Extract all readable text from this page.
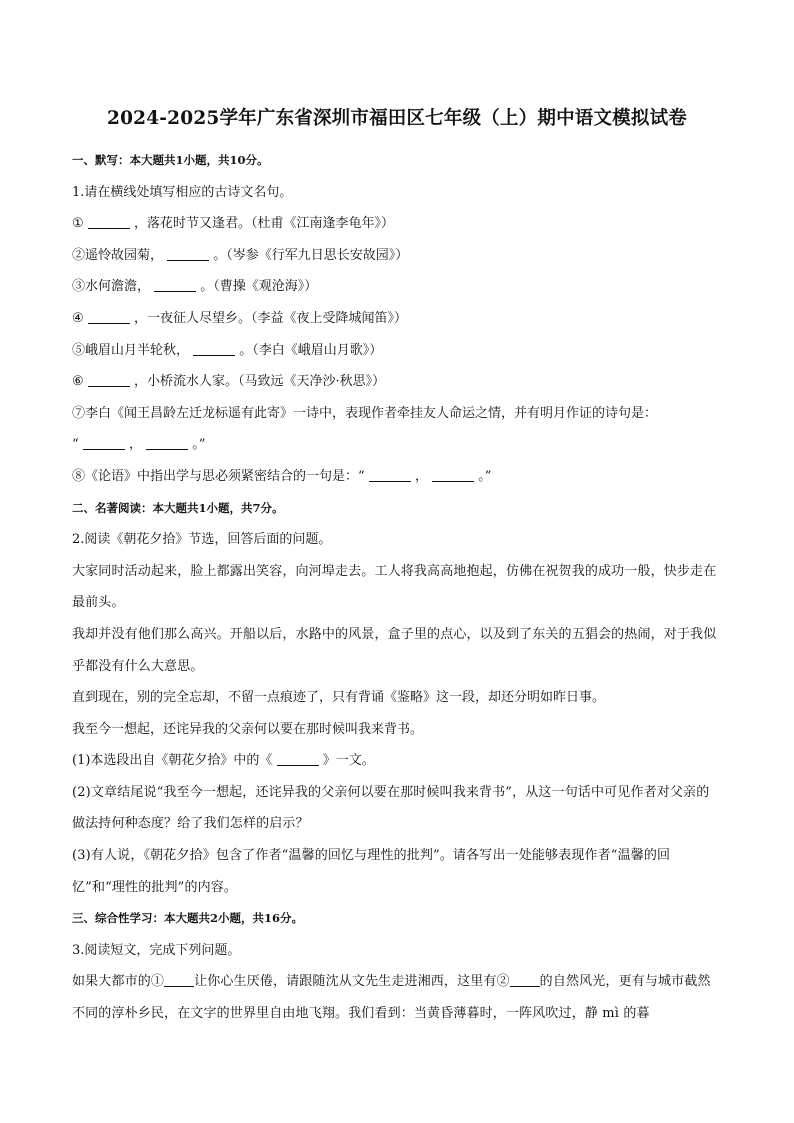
2024-2025学年广东省深圳市福田区七年级（上）期中语文模拟试卷
一、默写：本大题共1小题，共10分。
1.请在横线处填写相应的古诗文名句。
①	，落花时节又逢君。（杜甫《江南逢李龟年》）
②遥怜故园菊，	。（岑参《行军九日思长安故园》）
③水何澹澹，	。（曹操《观沧海》）
④	，一夜征人尽望乡。（李益《夜上受降城闻笛》）
⑤峨眉山月半轮秋，	。（李白《峨眉山月歌》）
⑥	，小桥流水人家。（马致远《天净沙·秋思》）
⑦李白《闻王昌龄左迁龙标遥有此寄》一诗中，表现作者牵挂友人命运之情，并有明月作证的诗句是：
“	，	。”
⑧《论语》中指出学与思必须紧密结合的一句是：“	，	。”
二、名著阅读：本大题共1小题，共7分。
2.阅读《朝花夕拾》节选，回答后面的问题。
大家同时活动起来，脸上都露出笑容，向河埠走去。工人将我高高地抱起，仿佛在祝贺我的成功一般，快步走在最前头。
我却并没有他们那么高兴。开船以后，水路中的风景，盒子里的点心，以及到了东关的五猖会的热闹，对于我似乎都没有什么大意思。
直到现在，别的完全忘却，不留一点痕迹了，只有背诵《鉴略》这一段，却还分明如昨日事。
我至今一想起，还诧异我的父亲何以要在那时候叫我来背书。
(1)本选段出自《朝花夕拾》中的《	》一文。
(2)文章结尾说“我至今一想起，还诧异我的父亲何以要在那时候叫我来背书”，从这一句话中可见作者对父亲的做法持何种态度？给了我们怎样的启示？
(3)有人说，《朝花夕拾》包含了作者“温馨的回忆与理性的批判”。请各写出一处能够表现作者“温馨的回忆”和“理性的批判”的内容。
三、综合性学习：本大题共2小题，共16分。
3.阅读短文，完成下列问题。
如果大都市的① 让你心生厌倦，请跟随沈从文先生走进湘西，这里有② 的自然风光，更有与城市截然不同的淳朴乡民，在文字的世界里自由地飞翔。我们看到：当黄昏薄暮时，一阵风吹过，静 mì 的暮
